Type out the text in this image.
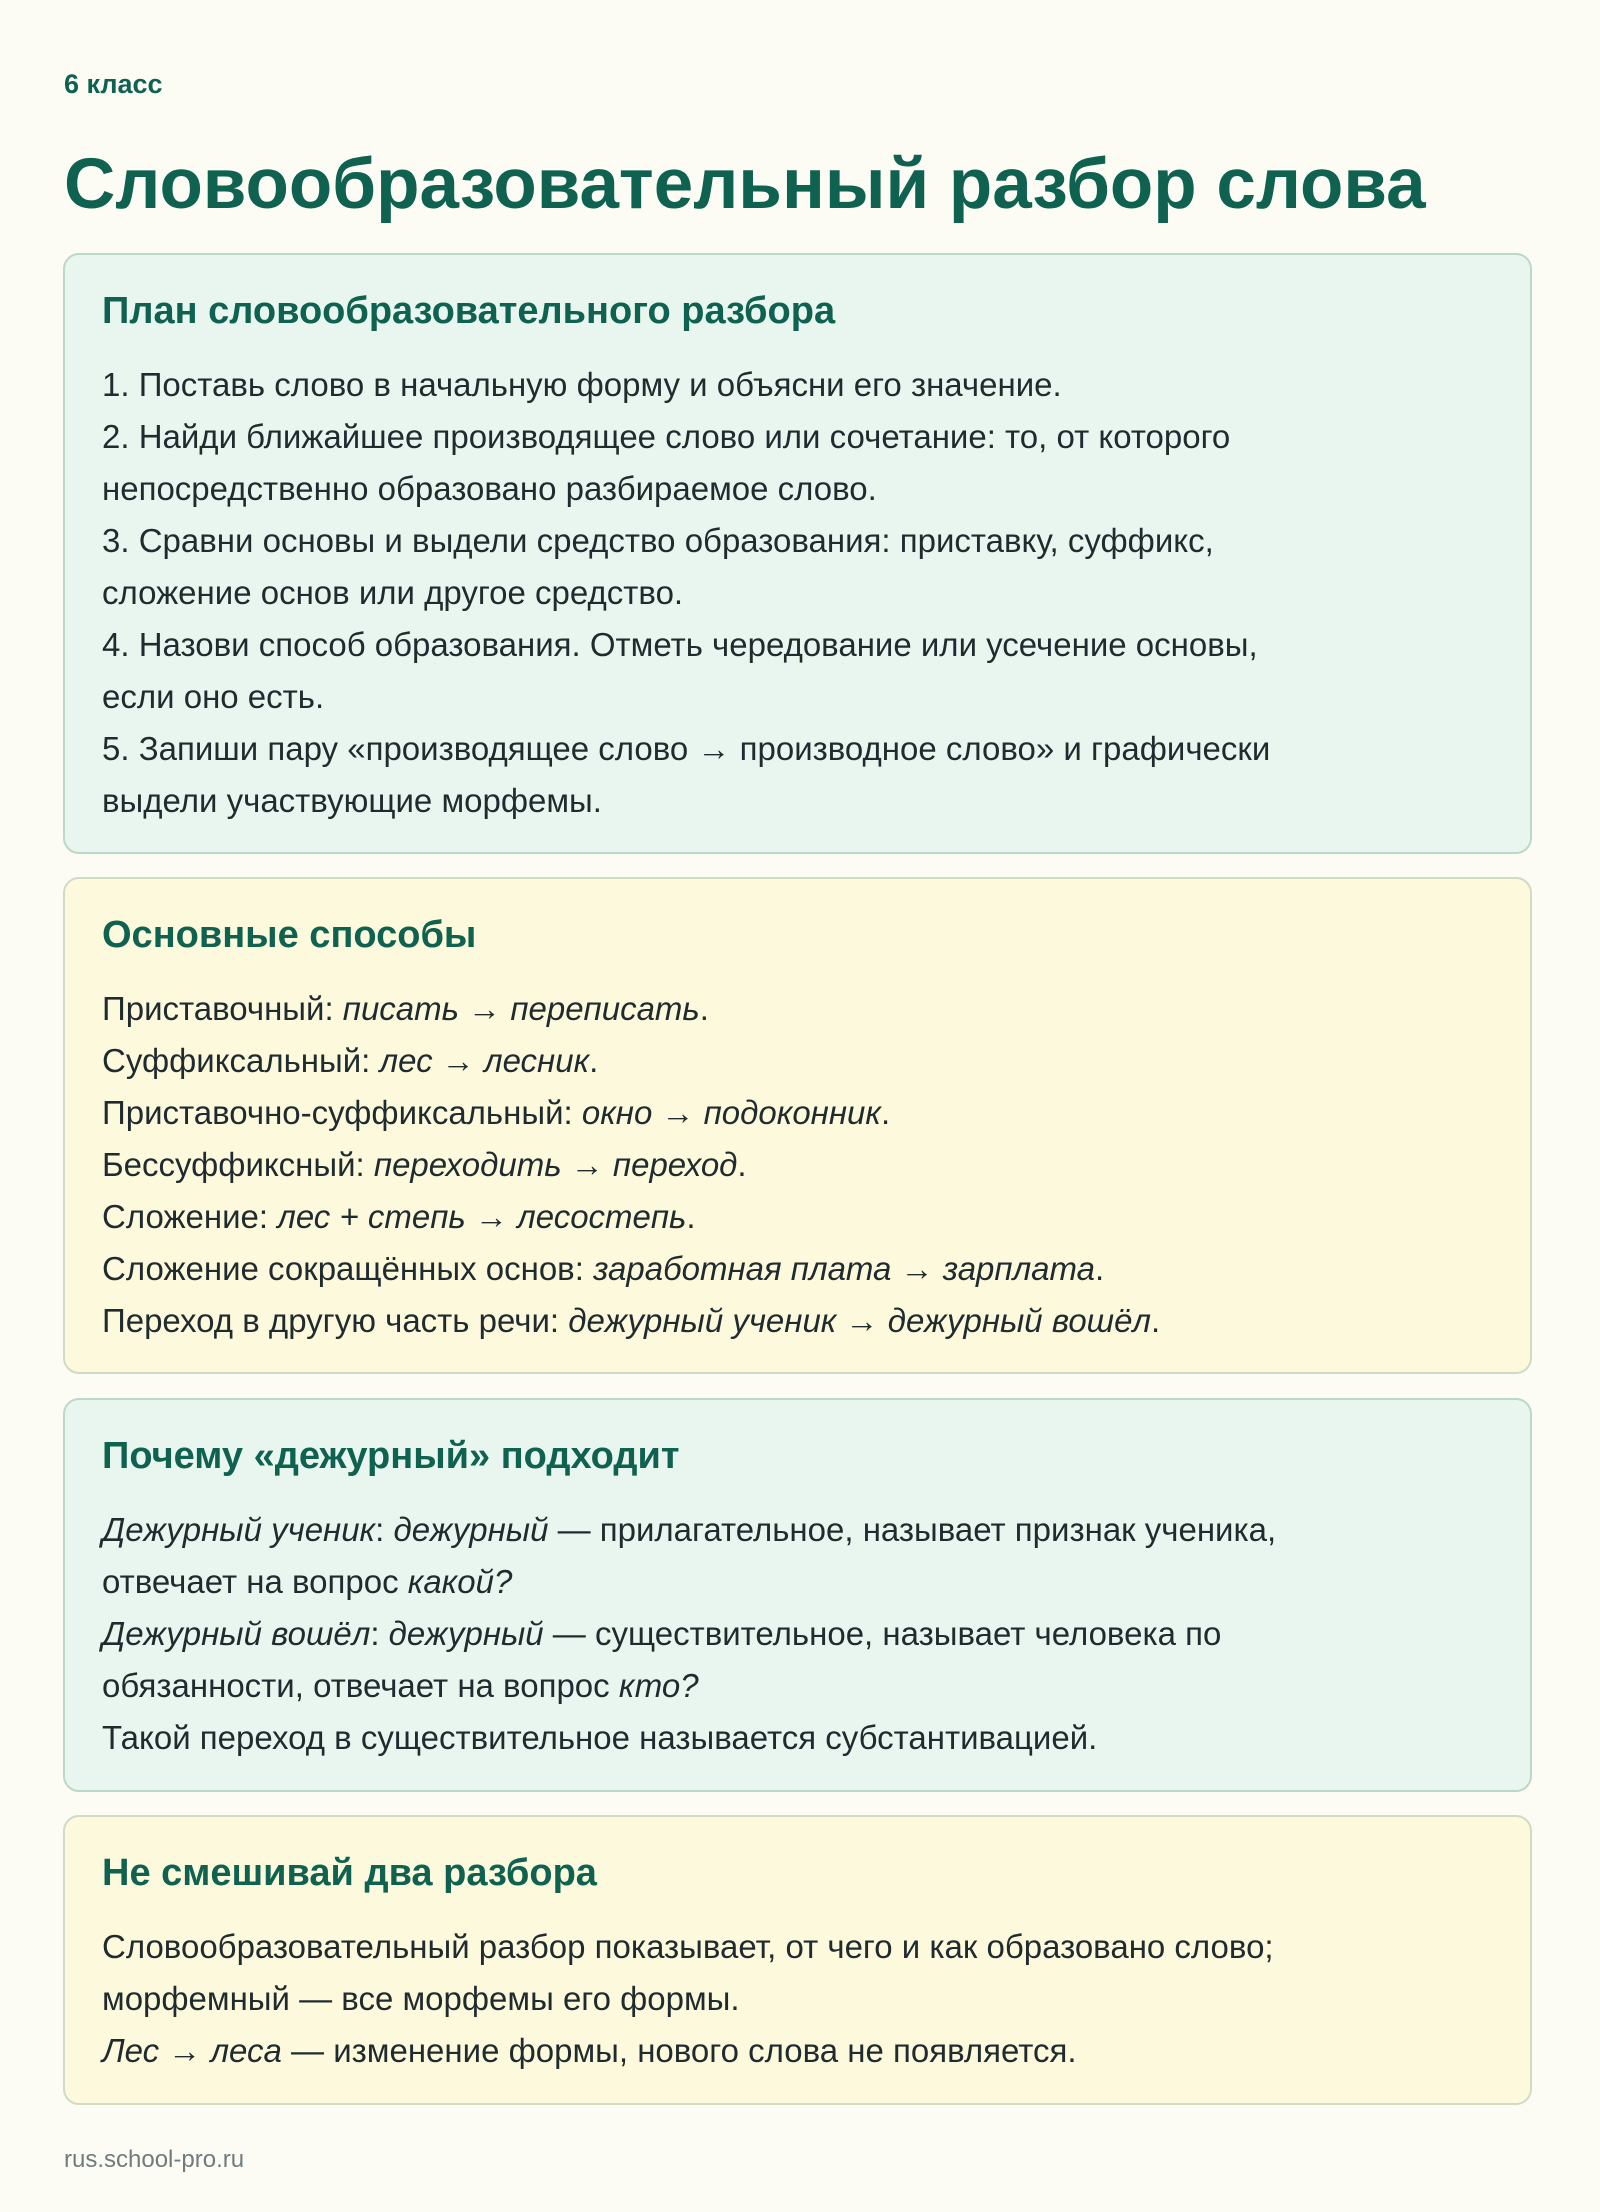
6 класс
Словообразовательный разбор слова
План словообразовательного разбора
1. Поставь слово в начальную форму и объясни его значение.
2. Найди ближайшее производящее слово или сочетание: то, от которого
непосредственно образовано разбираемое слово.
3. Сравни основы и выдели средство образования: приставку, суффикс,
сложение основ или другое средство.
4. Назови способ образования. Отметь чередование или усечение основы,
если оно есть.
5. Запиши пару «производящее слово → производное слово» и графически
выдели участвующие морфемы.
Основные способы
Приставочный: писать → переписать.
Суффиксальный: лес → лесник.
Приставочно-суффиксальный: окно → подоконник.
Бессуффиксный: переходить → переход.
Сложение: лес + степь → лесостепь.
Сложение сокращённых основ: заработная плата → зарплата.
Переход в другую часть речи: дежурный ученик → дежурный вошёл.
Почему «дежурный» подходит
Дежурный ученик: дежурный — прилагательное, называет признак ученика,
отвечает на вопрос какой?
Дежурный вошёл: дежурный — существительное, называет человека по
обязанности, отвечает на вопрос кто?
Такой переход в существительное называется субстантивацией.
Не смешивай два разбора
Словообразовательный разбор показывает, от чего и как образовано слово;
морфемный — все морфемы его формы.
Лес → леса — изменение формы, нового слова не появляется.
rus.school-pro.ru
